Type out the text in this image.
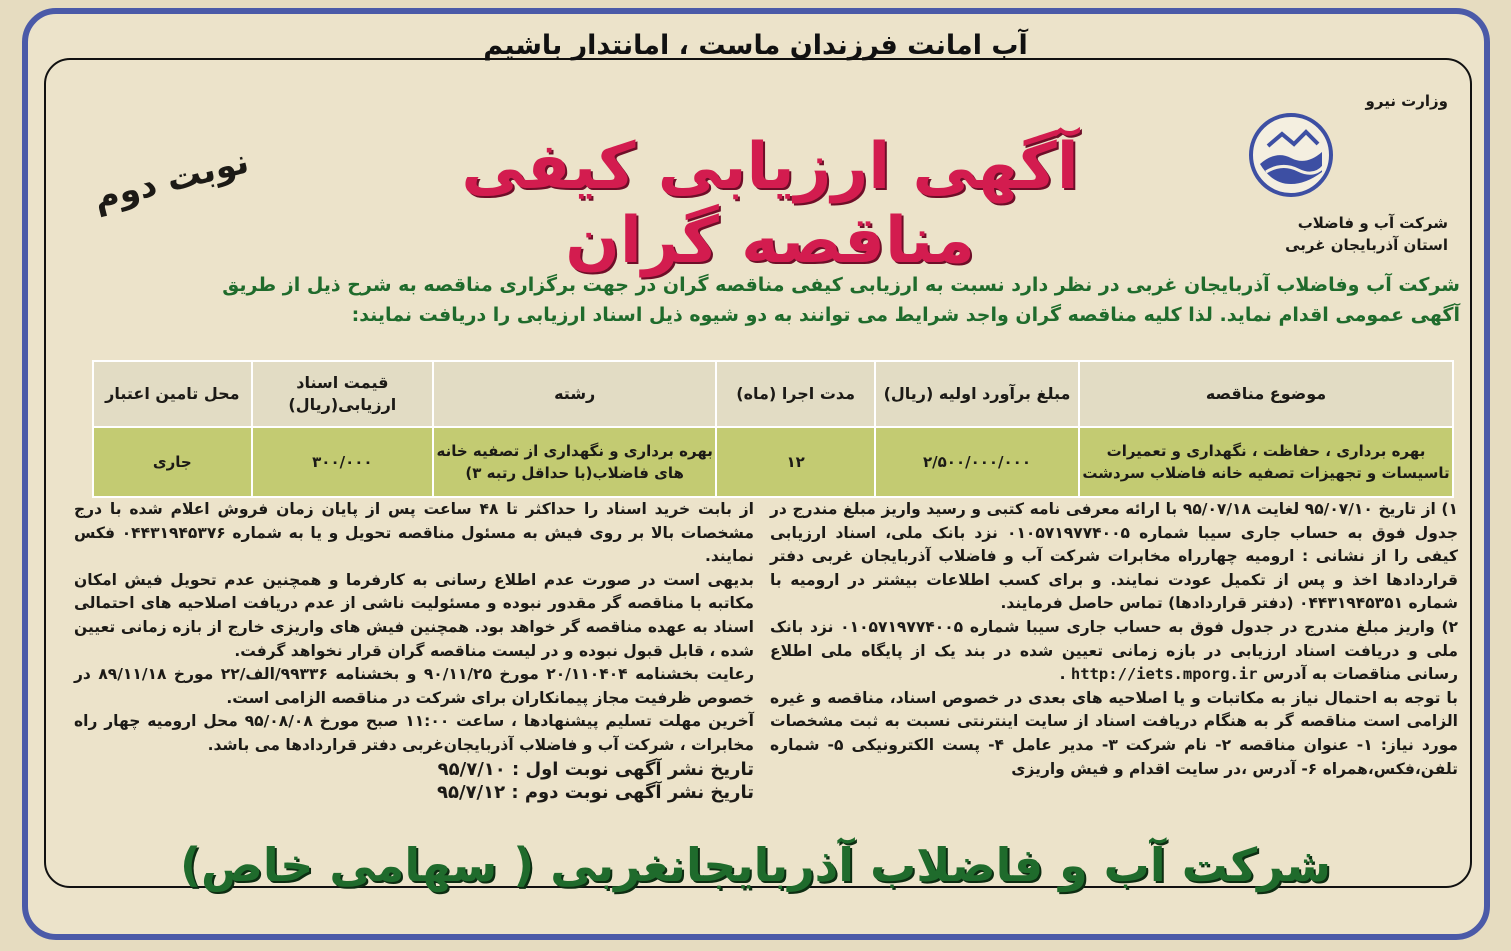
آب امانت فرزندان ماست ، امانتدار باشیم
وزارت نیرو
شرکت آب و فاضلاب
استان آذربایجان غربی
آگهی ارزیابی کیفی مناقصه گران
نوبت دوم

شرکت آب وفاضلاب آذربایجان غربی در نظر دارد نسبت به ارزیابی کیفی مناقصه گران در جهت برگزاری مناقصه به شرح ذیل از طریق

آگهی عمومی اقدام نماید. لذا کلیه مناقصه گران واجد شرایط می توانند به دو شیوه ذیل اسناد ارزیابی را دریافت نمایند:

موضوع مناقصه	مبلغ برآورد اولیه (ریال)	مدت اجرا (ماه)	رشته	قیمت اسناد ارزیابی(ریال)	محل تامین اعتبار
بهره برداری ، حفاظت ، نگهداری و تعمیرات تاسیسات و تجهیزات تصفیه خانه فاضلاب سردشت	۲/۵۰۰/۰۰۰/۰۰۰	۱۲	بهره برداری و نگهداری از تصفیه خانه های فاضلاب(با حداقل رتبه ۳)	۳۰۰/۰۰۰	جاری

۱) از تاریخ ۹۵/۰۷/۱۰ لغایت ۹۵/۰۷/۱۸ با ارائه معرفی نامه کتبی و رسید واریز مبلغ مندرج در جدول فوق به حساب جاری سیبا شماره ۰۱۰۵۷۱۹۷۷۴۰۰۵ نزد بانک ملی، اسناد ارزیابی کیفی را از نشانی : ارومیه چهارراه مخابرات شرکت آب و فاضلاب آذربایجان غربی دفتر قراردادها اخذ و پس از تکمیل عودت نمایند. و برای کسب اطلاعات بیشتر در ارومیه با شماره ۰۴۴۳۱۹۴۵۳۵۱ (دفتر قراردادها) تماس حاصل فرمایند.

۲) واریز مبلغ مندرج در جدول فوق به حساب جاری سیبا شماره ۰۱۰۵۷۱۹۷۷۴۰۰۵ نزد بانک ملی و دریافت اسناد ارزیابی در بازه زمانی تعیین شده در بند یک از پایگاه ملی اطلاع رسانی مناقصات به آدرس http://iets.mporg.ir .

با توجه به احتمال نیاز به مکاتبات و یا اصلاحیه های بعدی در خصوص اسناد، مناقصه و غیره الزامی است مناقصه گر به هنگام دریافت اسناد از سایت اینترنتی نسبت به ثبت مشخصات مورد نیاز: ۱- عنوان مناقصه ۲- نام شرکت ۳- مدیر عامل ۴- پست الکترونیکی ۵- شماره تلفن،فکس،همراه ۶- آدرس ،در سایت اقدام و فیش واریزی

از بابت خرید اسناد را حداکثر تا ۴۸ ساعت پس از پایان زمان فروش اعلام شده با درج مشخصات بالا بر روی فیش به مسئول مناقصه تحویل و یا به شماره ۰۴۴۳۱۹۴۵۳۷۶ فکس نمایند.

بدیهی است در صورت عدم اطلاع رسانی به کارفرما و همچنین عدم تحویل فیش امکان مکاتبه با مناقصه گر مقدور نبوده و مسئولیت ناشی از عدم دریافت اصلاحیه های احتمالی اسناد به عهده مناقصه گر خواهد بود. همچنین فیش های واریزی خارج از بازه زمانی تعیین شده ، قابل قبول نبوده و در لیست مناقصه گران قرار نخواهد گرفت.

رعایت بخشنامه ۲۰/۱۱۰۴۰۴ مورخ ۹۰/۱۱/۲۵ و بخشنامه ۹۹۳۳۶/الف/۲۲ مورخ ۸۹/۱۱/۱۸ در خصوص ظرفیت مجاز پیمانکاران برای شرکت در مناقصه الزامی است.

آخرین مهلت تسلیم پیشنهادها ، ساعت ۱۱:۰۰ صبح مورخ ۹۵/۰۸/۰۸ محل ارومیه چهار راه مخابرات ، شرکت آب و فاضلاب آذربایجان‌غربی دفتر قراردادها می باشد.

تاریخ نشر آگهی نوبت اول : ۹۵/۷/۱۰

تاریخ نشر آگهی نوبت دوم : ۹۵/۷/۱۲

شرکت آب و فاضلاب آذربایجانغربی ( سهامی خاص)
